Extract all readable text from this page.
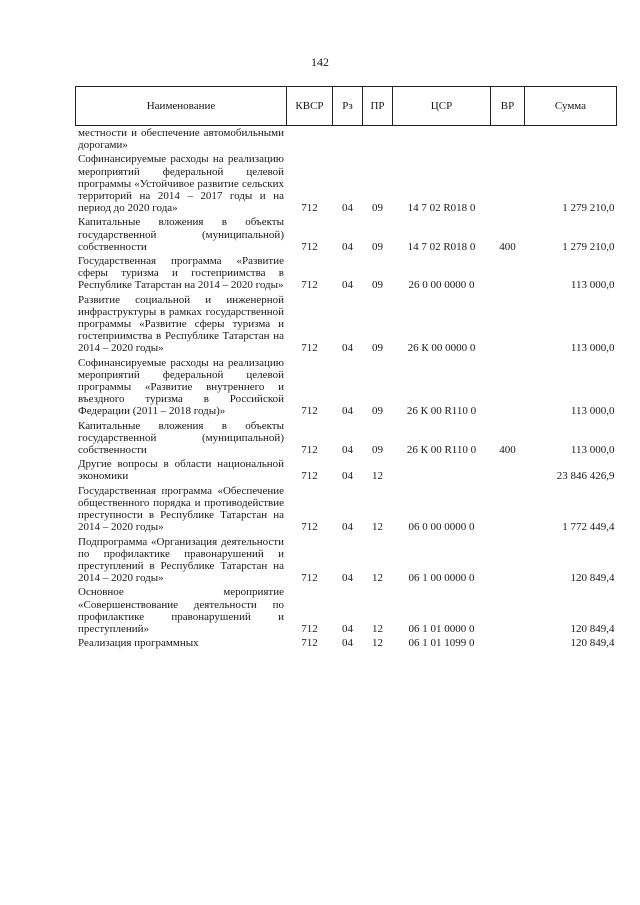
142
Наименование	КВСР	Рз	ПР	ЦСР	ВР	Сумма

местности и обеспечение автомобильными дорогами»						

Софинансируемые расходы на реализацию мероприятий федеральной целевой программы «Устойчивое развитие сельских территорий на 2014 – 2017 годы и на период до 2020 года»	712	04	09	14 7 02 R018 0		1 279 210,0

Капитальные вложения в объекты государственной (муниципальной) собственности	712	04	09	14 7 02 R018 0	400	1 279 210,0

Государственная программа «Развитие сферы туризма и гостеприимства в Республике Татарстан на 2014 – 2020 годы»	712	04	09	26 0 00 0000 0		113 000,0

Развитие социальной и инженерной инфраструктуры в рамках государственной программы «Развитие сферы туризма и гостеприимства в Республике Татарстан на 2014 – 2020 годы»	712	04	09	26 К 00 0000 0		113 000,0

Софинансируемые расходы на реализацию мероприятий федеральной целевой программы «Развитие внутреннего и въездного туризма в Российской Федерации (2011 – 2018 годы)»	712	04	09	26 К 00 R110 0		113 000,0

Капитальные вложения в объекты государственной (муниципальной) собственности	712	04	09	26 К 00 R110 0	400	113 000,0

Другие вопросы в области национальной экономики	712	04	12			23 846 426,9

Государственная программа «Обеспечение общественного порядка и противодействие преступности в Республике Татарстан на 2014 – 2020 годы»	712	04	12	06 0 00 0000 0		1 772 449,4

Подпрограмма «Организация деятельности по профилактике правонарушений и преступлений в Республике Татарстан на 2014 – 2020 годы»	712	04	12	06 1 00 0000 0		120 849,4

Основное мероприятие «Совершенствование деятельности по профилактике правонарушений и преступлений»	712	04	12	06 1 01 0000 0		120 849,4

Реализация программных	712	04	12	06 1 01 1099 0		120 849,4
